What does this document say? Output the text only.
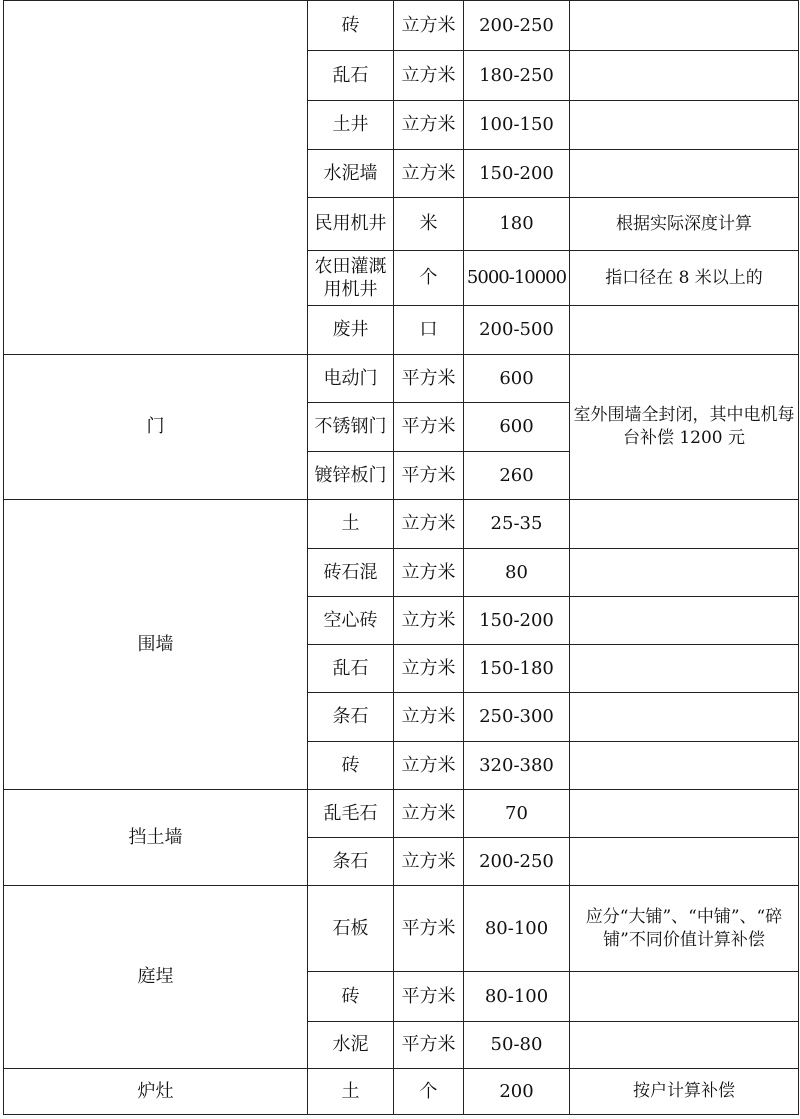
	砖	立方米	200-250	
	乱石	立方米	180-250	
	土井	立方米	100-150	
	水泥墙	立方米	150-200	
	民用机井	米	180	根据实际深度计算
	农田灌溉用机井	个	5000-10000	指口径在 8 米以上的
	废井	口	200-500	
门	电动门	平方米	600	室外围墙全封闭，其中电机每台补偿 1200 元
	不锈钢门	平方米	600	
	镀锌板门	平方米	260	
围墙	土	立方米	25-35	
	砖石混	立方米	80	
	空心砖	立方米	150-200	
	乱石	立方米	150-180	
	条石	立方米	250-300	
	砖	立方米	320-380	
挡土墙	乱毛石	立方米	70	
	条石	立方米	200-250	
庭埕	石板	平方米	80-100	应分“大铺”、“中铺”、“碎铺”不同价值计算补偿
	砖	平方米	80-100	
	水泥	平方米	50-80	
炉灶	土	个	200	按户计算补偿
